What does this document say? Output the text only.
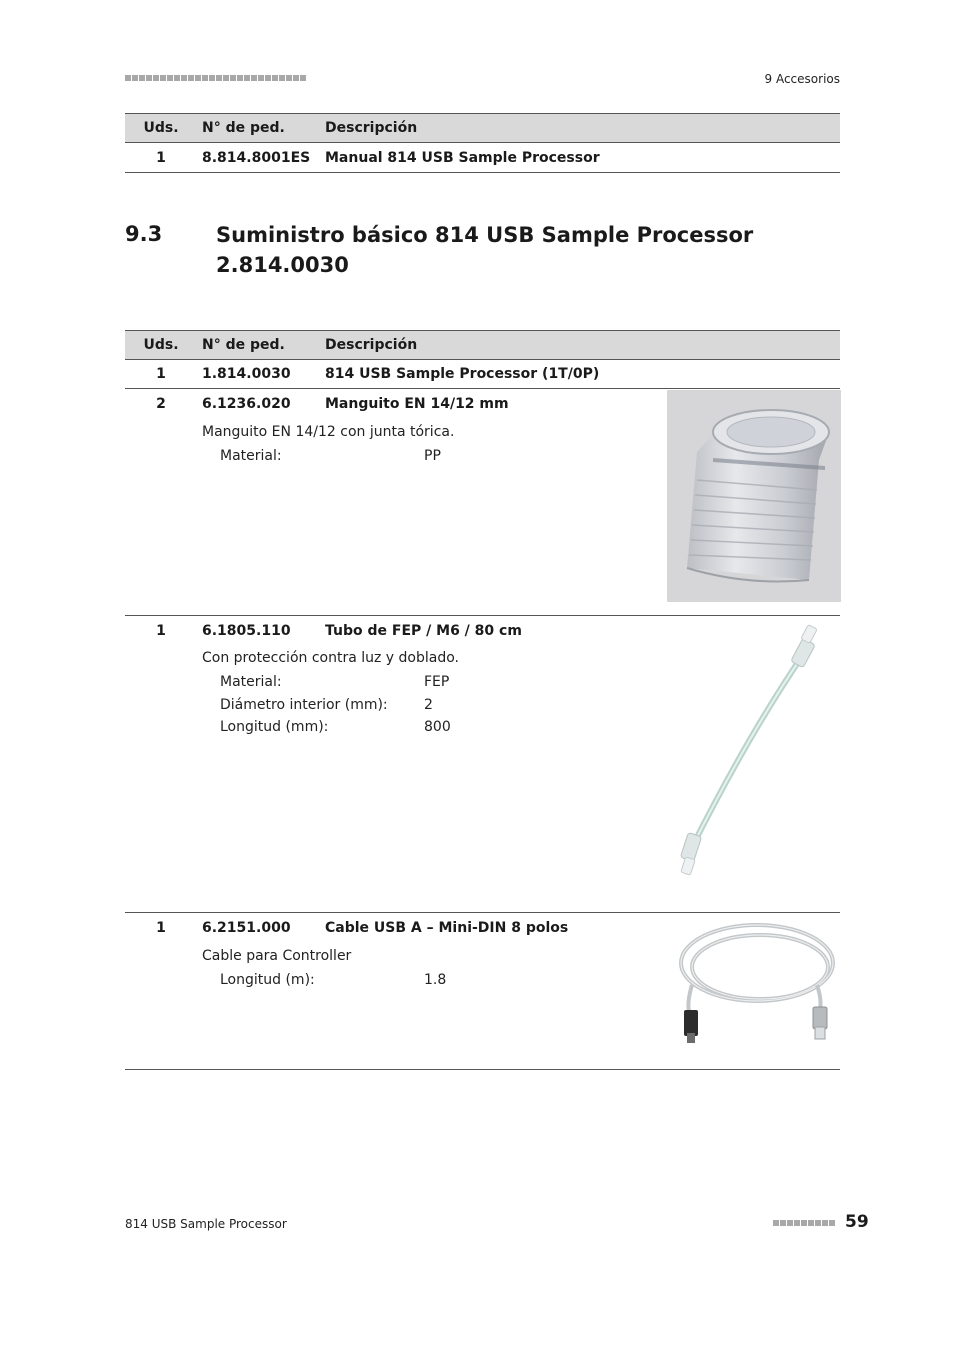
9 Accesorios
Uds.	N° de ped.	Descripción
1	8.814.8001ES Manual 814 USB Sample Processor
9.3	Suministro básico 814 USB Sample Processor
2.814.0030
Uds.	N° de ped.	Descripción
1	1.814.0030 814 USB Sample Processor (1T/0P)
2	6.1236.020 Manguito EN 14/12 mm
Manguito EN 14/12 con junta tórica.
Material:	PP
1	6.1805.110 Tubo de FEP / M6 / 80 cm
Con protección contra luz y doblado.
Material:	FEP
Diámetro interior (mm):	2
Longitud (mm):	800
1	6.2151.000 Cable USB A – Mini-DIN 8 polos
Cable para Controller
Longitud (m):	1.8
814 USB Sample Processor	59
